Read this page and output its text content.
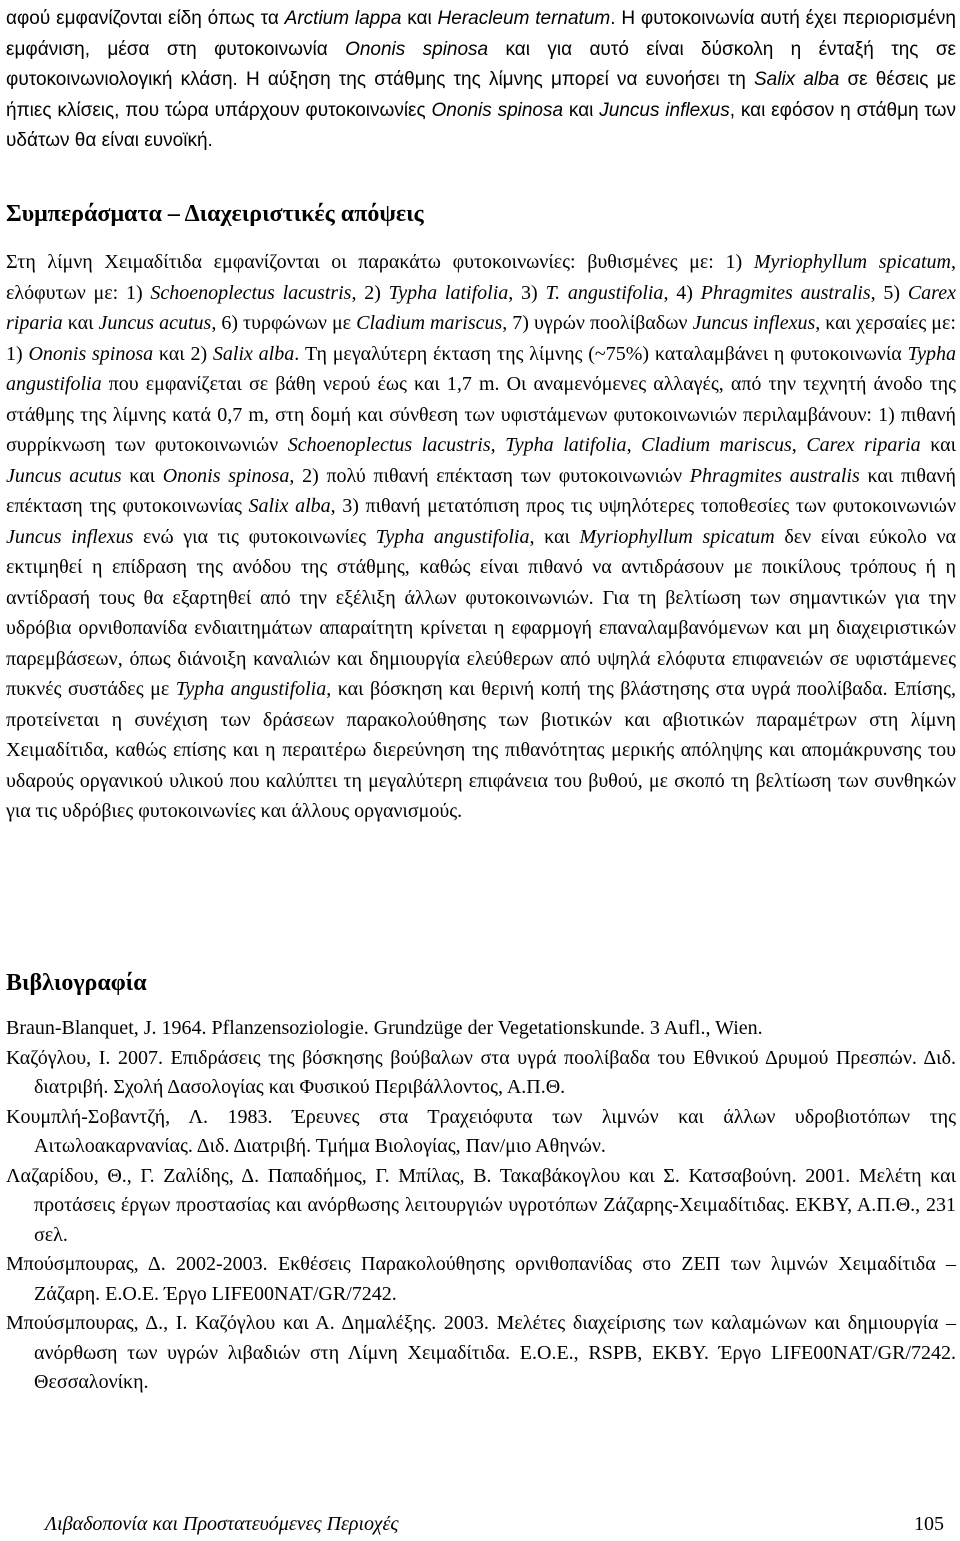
αφού εμφανίζονται είδη όπως τα Arctium lappa και Heracleum ternatum. Η φυτοκοινωνία αυτή έχει περιορισμένη εμφάνιση, μέσα στη φυτοκοινωνία Ononis spinosa και για αυτό είναι δύσκολη η ένταξή της σε φυτοκοινωνιολογική κλάση. Η αύξηση της στάθμης της λίμνης μπορεί να ευνοήσει τη Salix alba σε θέσεις με ήπιες κλίσεις, που τώρα υπάρχουν φυτοκοινωνίες Ononis spinosa και Juncus inflexus, και εφόσον η στάθμη των υδάτων θα είναι ευνοϊκή.

Συμπεράσματα – Διαχειριστικές απόψεις

Στη λίμνη Χειμαδίτιδα εμφανίζονται οι παρακάτω φυτοκοινωνίες: βυθισμένες με: 1) Myriophyllum spicatum, ελόφυτων με: 1) Schoenoplectus lacustris, 2) Typha latifolia, 3) T. angustifolia, 4) Phragmites australis, 5) Carex riparia και Juncus acutus, 6) τυρφώνων με Cladium mariscus, 7) υγρών ποολίβαδων Juncus inflexus, και χερσαίες με: 1) Ononis spinosa και 2) Salix alba. Τη μεγαλύτερη έκταση της λίμνης (~75%) καταλαμβάνει η φυτοκοινωνία Typha angustifolia που εμφανίζεται σε βάθη νερού έως και 1,7 m. Οι αναμενόμενες αλλαγές, από την τεχνητή άνοδο της στάθμης της λίμνης κατά 0,7 m, στη δομή και σύνθεση των υφιστάμενων φυτοκοινωνιών περιλαμβάνουν: 1) πιθανή συρρίκνωση των φυτοκοινωνιών Schoenoplectus lacustris, Typha latifolia, Cladium mariscus, Carex riparia και Juncus acutus και Ononis spinosa, 2) πολύ πιθανή επέκταση των φυτοκοινωνιών Phragmites australis και πιθανή επέκταση της φυτοκοινωνίας Salix alba, 3) πιθανή μετατόπιση προς τις υψηλότερες τοποθεσίες των φυτοκοινωνιών Juncus inflexus ενώ για τις φυτοκοινωνίες Typha angustifolia, και Myriophyllum spicatum δεν είναι εύκολο να εκτιμηθεί η επίδραση της ανόδου της στάθμης, καθώς είναι πιθανό να αντιδράσουν με ποικίλους τρόπους ή η αντίδρασή τους θα εξαρτηθεί από την εξέλιξη άλλων φυτοκοινωνιών. Για τη βελτίωση των σημαντικών για την υδρόβια ορνιθοπανίδα ενδιαιτημάτων απαραίτητη κρίνεται η εφαρμογή επαναλαμβανόμενων και μη διαχειριστικών παρεμβάσεων, όπως διάνοιξη καναλιών και δημιουργία ελεύθερων από υψηλά ελόφυτα επιφανειών σε υφιστάμενες πυκνές συστάδες με Typha angustifolia, και βόσκηση και θερινή κοπή της βλάστησης στα υγρά ποολίβαδα. Επίσης, προτείνεται η συνέχιση των δράσεων παρακολούθησης των βιοτικών και αβιοτικών παραμέτρων στη λίμνη Χειμαδίτιδα, καθώς επίσης και η περαιτέρω διερεύνηση της πιθανότητας μερικής απόληψης και απομάκρυνσης του υδαρούς οργανικού υλικού που καλύπτει τη μεγαλύτερη επιφάνεια του βυθού, με σκοπό τη βελτίωση των συνθηκών για τις υδρόβιες φυτοκοινωνίες και άλλους οργανισμούς.

Βιβλιογραφία
Braun-Blanquet, J. 1964. Pflanzensoziologie. Grundzüge der Vegetationskunde. 3 Aufl., Wien.
Καζόγλου, Ι. 2007. Επιδράσεις της βόσκησης βούβαλων στα υγρά ποολίβαδα του Εθνικού Δρυμού Πρεσπών. Διδ. διατριβή. Σχολή Δασολογίας και Φυσικού Περιβάλλοντος, Α.Π.Θ.
Κουμπλή-Σοβαντζή, Λ. 1983. Έρευνες στα Τραχειόφυτα των λιμνών και άλλων υδροβιοτόπων της Αιτωλοακαρνανίας. Διδ. Διατριβή. Τμήμα Βιολογίας, Παν/μιο Αθηνών.
Λαζαρίδου, Θ., Γ. Ζαλίδης, Δ. Παπαδήμος, Γ. Μπίλας, Β. Τακαβάκογλου και Σ. Κατσαβούνη. 2001. Μελέτη και προτάσεις έργων προστασίας και ανόρθωσης λειτουργιών υγροτόπων Ζάζαρης-Χειμαδίτιδας. ΕΚΒΥ, Α.Π.Θ., 231 σελ.
Μπούσμπουρας, Δ. 2002-2003. Εκθέσεις Παρακολούθησης ορνιθοπανίδας στο ΖΕΠ των λιμνών Χειμαδίτιδα – Ζάζαρη. Ε.Ο.Ε. Έργο LIFE00NAT/GR/7242.
Μπούσμπουρας, Δ., Ι. Καζόγλου και Α. Δημαλέξης. 2003. Μελέτες διαχείρισης των καλαμώνων και δημιουργία – ανόρθωση των υγρών λιβαδιών στη Λίμνη Χειμαδίτιδα. Ε.Ο.Ε., RSPB, ΕΚΒΥ. Έργο LIFE00NAT/GR/7242. Θεσσαλονίκη.
Λιβαδοπονία και Προστατευόμενες Περιοχές	105
